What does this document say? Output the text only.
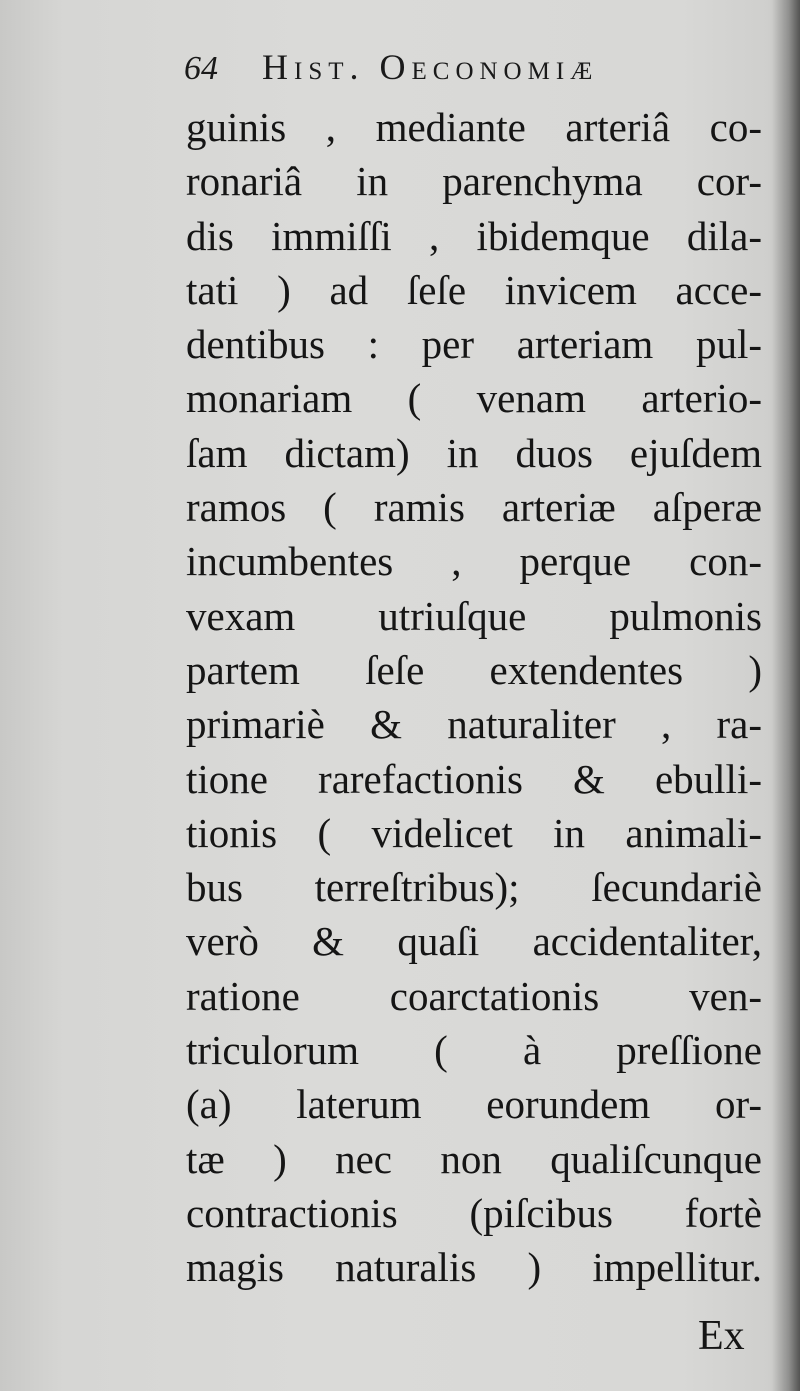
64 Hist. Oeconomiæ
guinis , mediante arteriâ co-
ronariâ in parenchyma cor-
dis immiſſi , ibidemque dila-
tati ) ad ſeſe invicem acce-
dentibus : per arteriam pul-
monariam ( venam arterio-
ſam dictam) in duos ejuſdem
ramos ( ramis arteriæ aſperæ
incumbentes , perque con-
vexam utriuſque pulmonis
partem ſeſe extendentes )
primariè & naturaliter , ra-
tione rarefactionis & ebulli-
tionis ( videlicet in animali-
bus terreſtribus); ſecundariè
verò & quaſi accidentaliter,
ratione coarctationis ven-
triculorum ( à preſſione
(a) laterum eorundem or-
tæ ) nec non qualiſcunque
contractionis (piſcibus fortè
magis naturalis ) impellitur.
Ex
